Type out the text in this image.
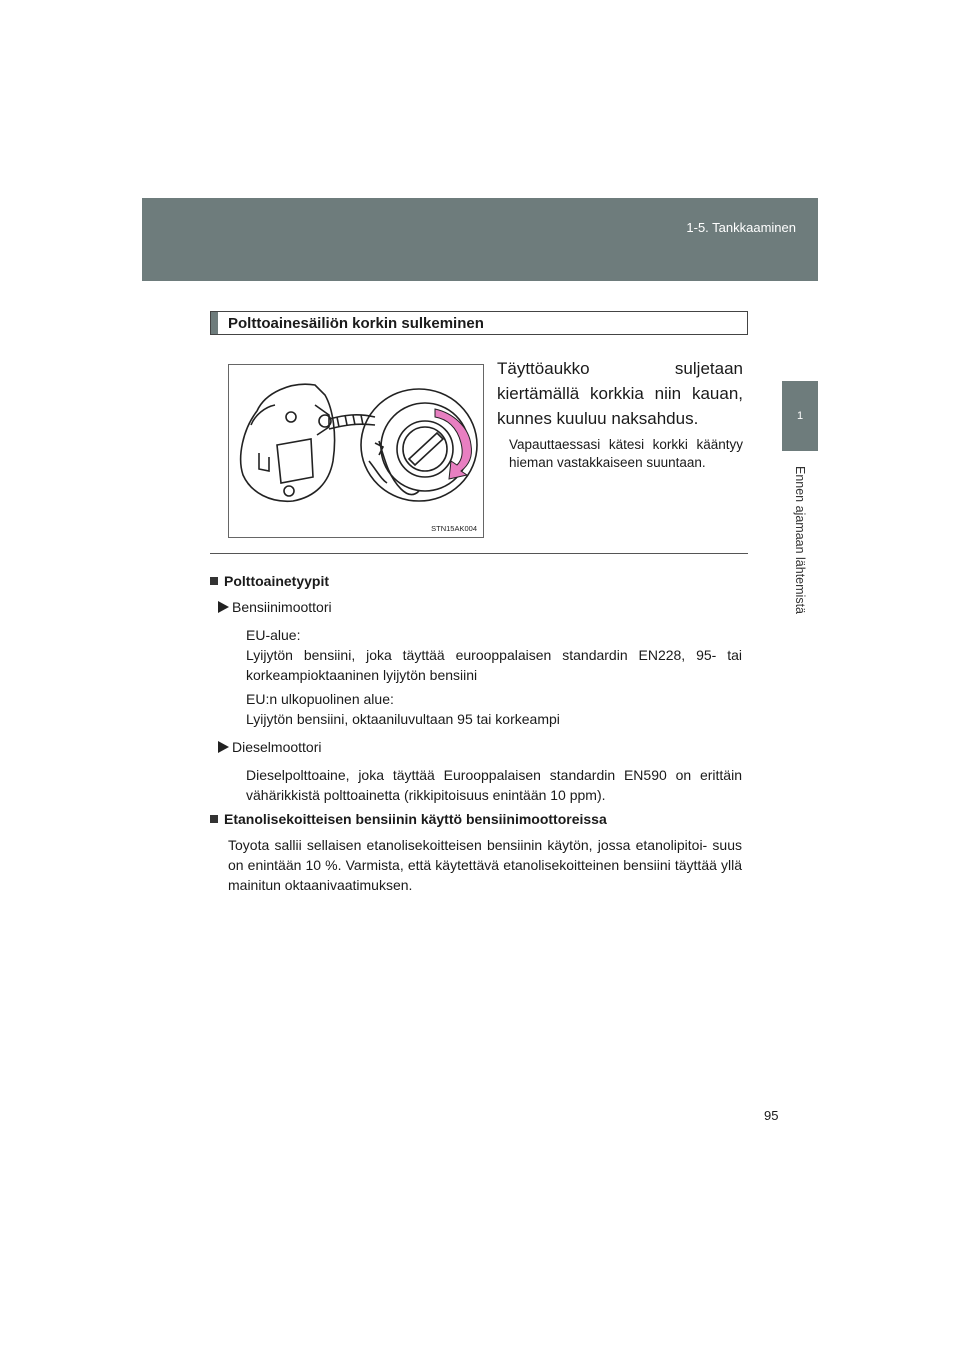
1-5. Tankkaaminen
1
Ennen ajamaan lähtemistä
Polttoainesäiliön korkin sulkeminen
STN15AK004
Täyttöaukko suljetaan kiertämällä korkkia niin kauan, kunnes kuuluu naksahdus.
Vapauttaessasi kätesi korkki kääntyy hieman vastakkaiseen suuntaan.
Polttoainetyypit
Bensiinimoottori
EU-alue:
Lyijytön bensiini, joka täyttää eurooppalaisen standardin EN228, 95- tai korkeampioktaaninen lyijytön bensiini
EU:n ulkopuolinen alue:
Lyijytön bensiini, oktaaniluvultaan 95 tai korkeampi
Dieselmoottori
Dieselpolttoaine, joka täyttää Eurooppalaisen standardin EN590 on erittäin vähärikkistä polttoainetta (rikkipitoisuus enintään 10 ppm).
Etanolisekoitteisen bensiinin käyttö bensiinimoottoreissa
Toyota sallii sellaisen etanolisekoitteisen bensiinin käytön, jossa etanolipitoi- suus on enintään 10 %. Varmista, että käytettävä etanolisekoitteinen bensiini täyttää yllä mainitun oktaanivaatimuksen.
95
